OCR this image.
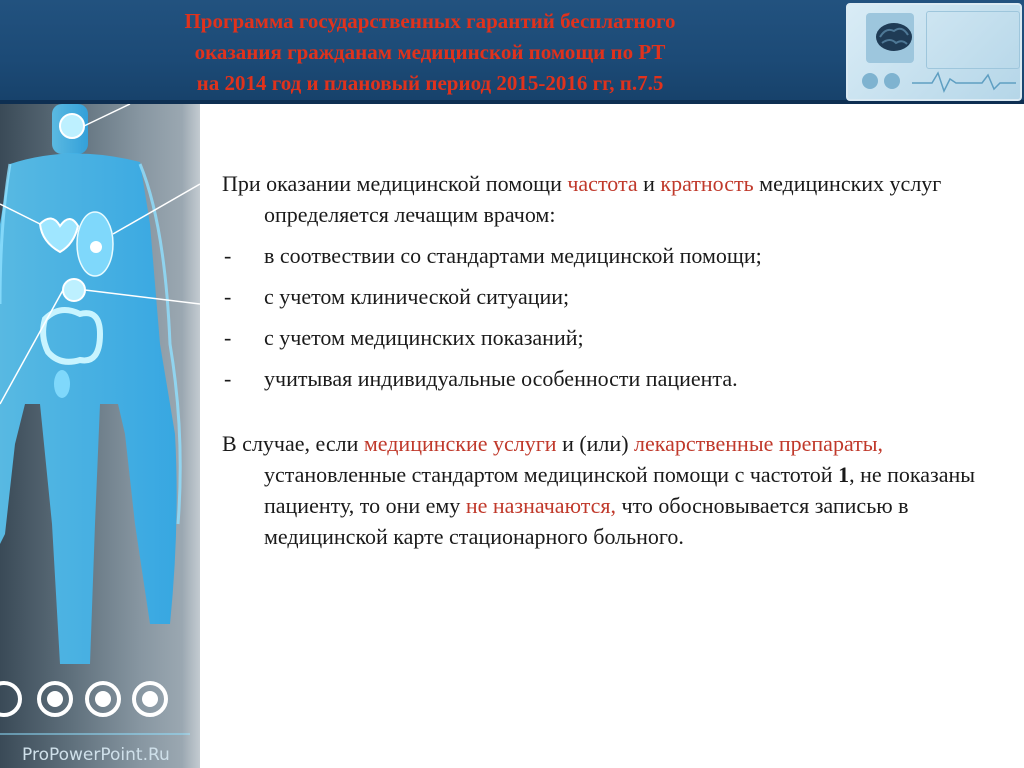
Программа государственных гарантий бесплатного
оказания гражданам медицинской помощи по РТ
на 2014 год и плановый период 2015-2016 гг, п.7.5
ProPowerPoint.Ru
При оказании медицинской помощи частота и кратность медицинских услуг определяется лечащим врачом:
- в соотвествии со стандартами медицинской помощи;
- с учетом клинической ситуации;
- с учетом медицинских показаний;
- учитывая индивидуальные особенности пациента.
В случае, если медицинские услуги и (или) лекарственные препараты, установленные стандартом медицинской помощи с частотой 1, не показаны пациенту, то они ему не назначаются, что обосновывается записью в медицинской карте стационарного больного.
